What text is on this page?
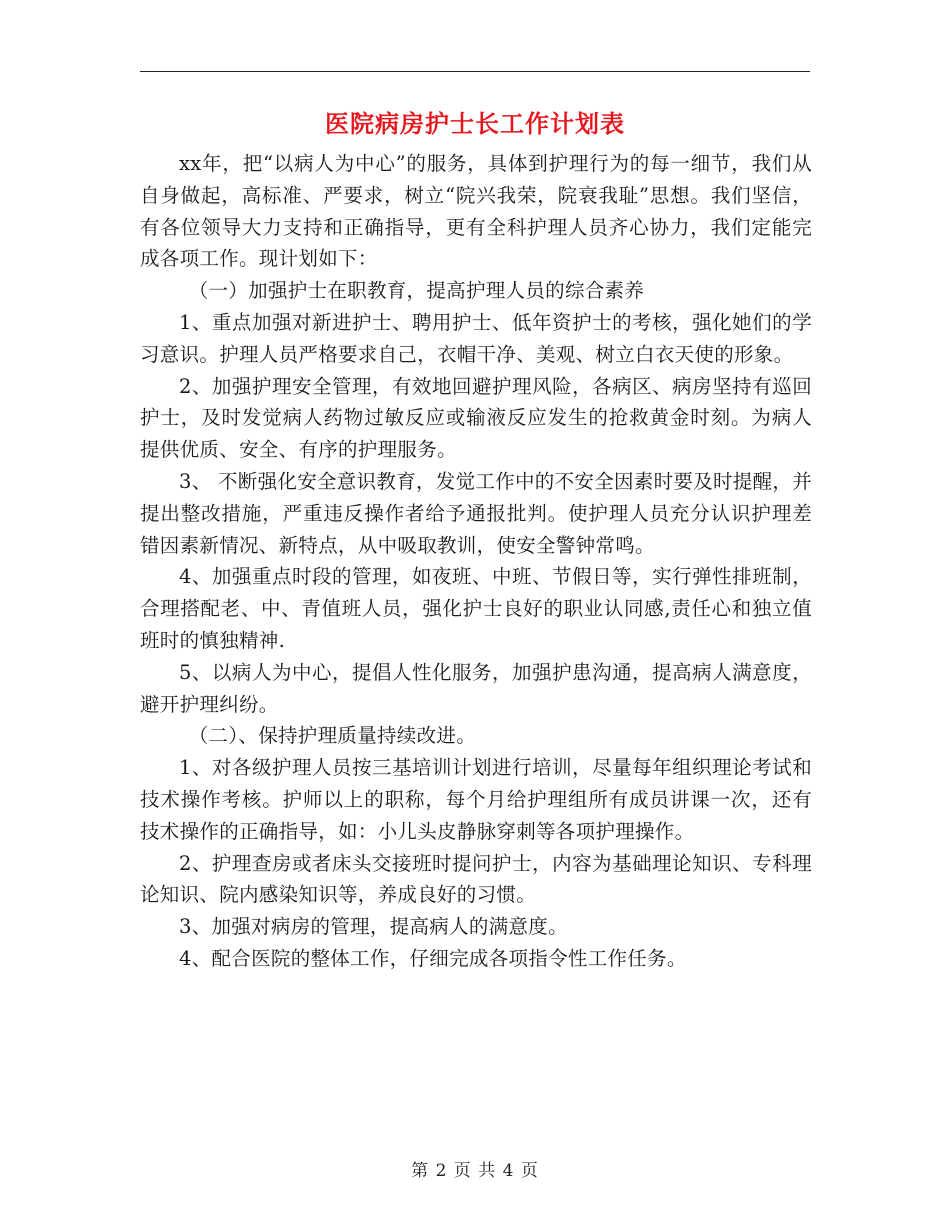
医院病房护士长工作计划表

xx年，把“以病人为中心”的服务，具体到护理行为的每一细节，我们从自身做起，高标准、严要求，树立“院兴我荣，院衰我耻”思想。我们坚信，有各位领导大力支持和正确指导，更有全科护理人员齐心协力，我们定能完成各项工作。现计划如下：

（一）加强护士在职教育，提高护理人员的综合素养

1、重点加强对新进护士、聘用护士、低年资护士的考核，强化她们的学习意识。护理人员严格要求自己，衣帽干净、美观、树立白衣天使的形象。

2、加强护理安全管理，有效地回避护理风险，各病区、病房坚持有巡回护士，及时发觉病人药物过敏反应或输液反应发生的抢救黄金时刻。为病人提供优质、安全、有序的护理服务。

3、 不断强化安全意识教育，发觉工作中的不安全因素时要及时提醒，并提出整改措施，严重违反操作者给予通报批判。使护理人员充分认识护理差错因素新情况、新特点，从中吸取教训，使安全警钟常鸣。

4、加强重点时段的管理，如夜班、中班、节假日等，实行弹性排班制，合理搭配老、中、青值班人员，强化护士良好的职业认同感,责任心和独立值班时的慎独精神.

5、以病人为中心，提倡人性化服务，加强护患沟通，提高病人满意度，避开护理纠纷。

（二）、保持护理质量持续改进。

1、对各级护理人员按三基培训计划进行培训，尽量每年组织理论考试和技术操作考核。护师以上的职称，每个月给护理组所有成员讲课一次，还有技术操作的正确指导，如：小儿头皮静脉穿刺等各项护理操作。

2、护理查房或者床头交接班时提问护士，内容为基础理论知识、专科理论知识、院内感染知识等，养成良好的习惯。

3、加强对病房的管理，提高病人的满意度。

4、配合医院的整体工作，仔细完成各项指令性工作任务。

第 2 页 共 4 页
